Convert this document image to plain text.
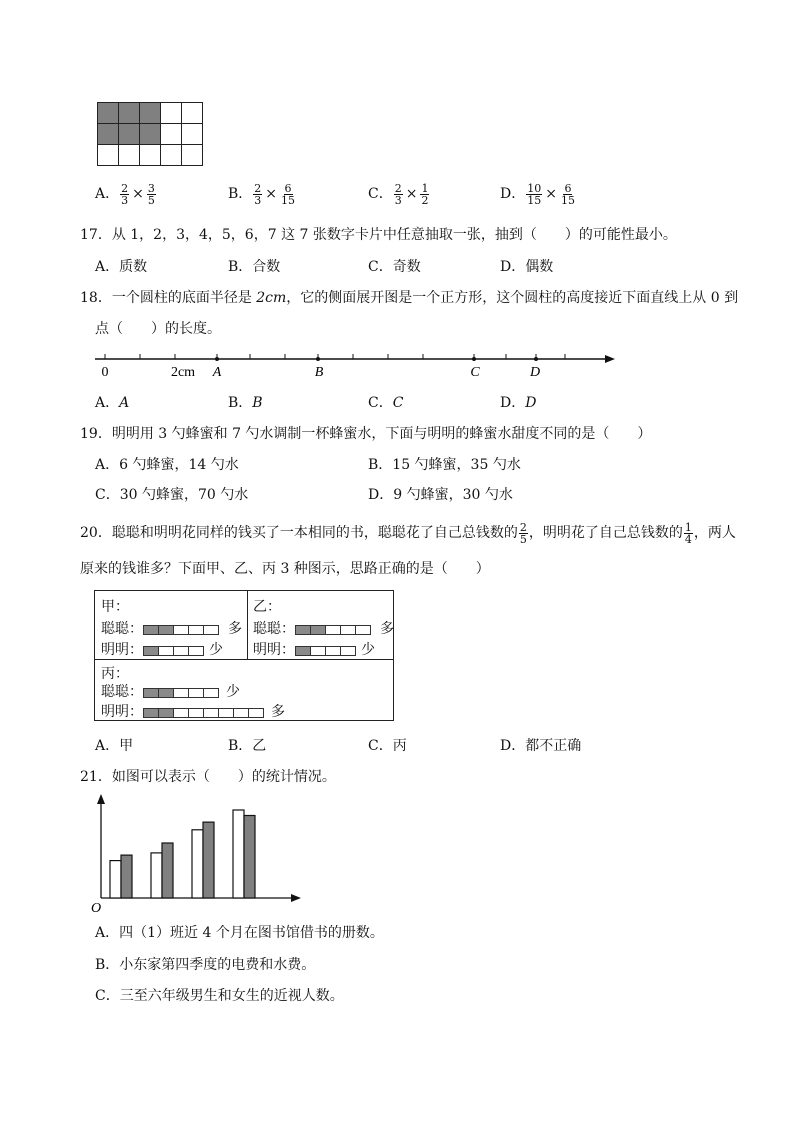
A． $\frac{2}{3} \times \frac{3}{5}$	B． $\frac{2}{3} \times \frac{6}{15}$	C． $\frac{2}{3} \times \frac{1}{2}$	D． $\frac{10}{15} \times \frac{6}{15}$
17．从 1，2，3，4，5，6，7 这 7 张数字卡片中任意抽取一张，抽到（　　）的可能性最小。
A．质数	B．合数	C．奇数	D．偶数
18．一个圆柱的底面半径是 2cm，它的侧面展开图是一个正方形，这个圆柱的高度接近下面直线上从 0 到
点（　　）的长度。
0	2cm A	B	C	D
A．A	B．B	C．C	D．D
19．明明用 3 勺蜂蜜和 7 勺水调制一杯蜂蜜水，下面与明明的蜂蜜水甜度不同的是（　　）
A．6 勺蜂蜜，14 勺水	B．15 勺蜂蜜，35 勺水
C．30 勺蜂蜜，70 勺水	D．9 勺蜂蜜，30 勺水
20．聪聪和明明花同样的钱买了一本相同的书，聪聪花了自己总钱数的 $\frac{2}{5}$ ，明明花了自己总钱数的 $\frac{1}{4}$ ，两人
原来的钱谁多？下面甲、乙、丙 3 种图示，思路正确的是（　　）
甲：
聪聪：	多
明明：	少
乙：
聪聪：	多
明明：	少
丙：
聪聪：	少
明明：	多
A．甲	B．乙	C．丙	D．都不正确
21．如图可以表示（　　）的统计情况。
O
A．四（1）班近 4 个月在图书馆借书的册数。
B．小东家第四季度的电费和水费。
C．三至六年级男生和女生的近视人数。
